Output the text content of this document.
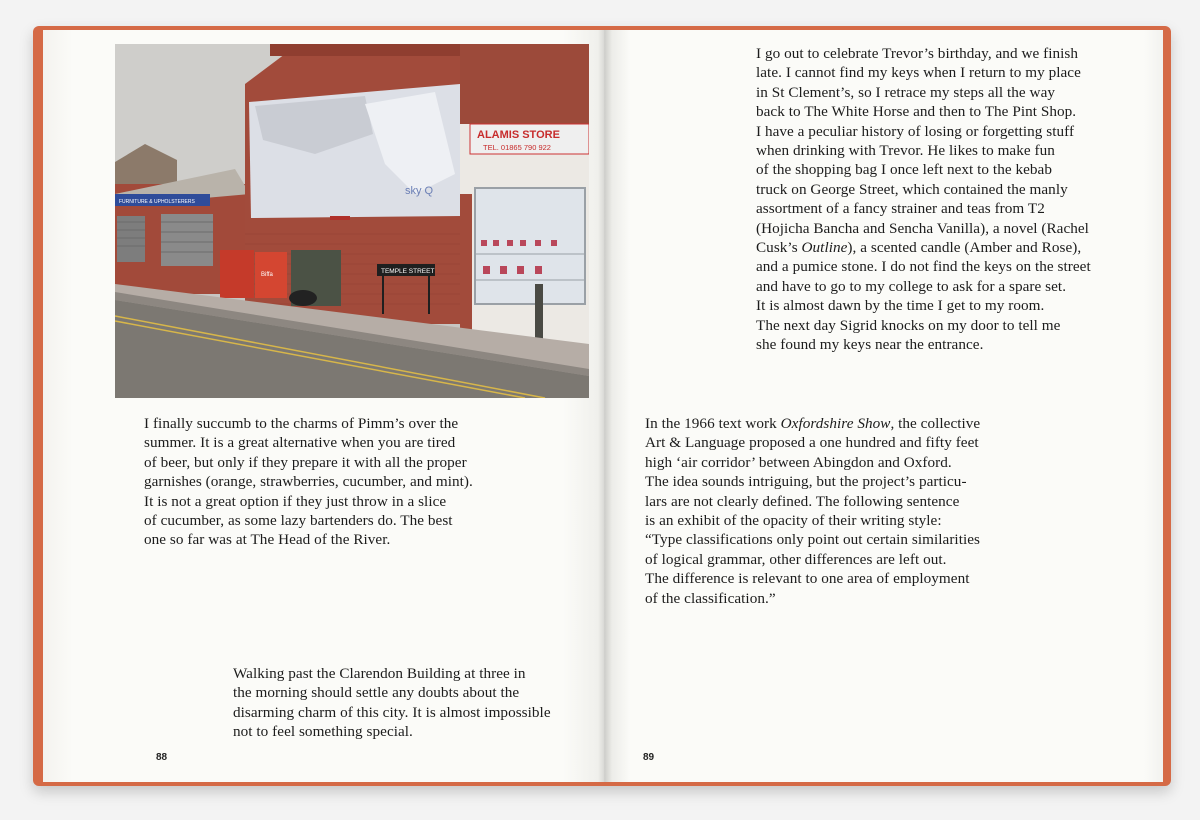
FURNITURE & UPHOLSTERERS
sky Q
ALAMIS STORE
TEL. 01865 790 922
Biffa	TEMPLE STREET
I finally succumb to the charms of Pimm’s over the
summer. It is a great alternative when you are tired
of beer, but only if they prepare it with all the proper
garnishes (orange, strawberries, cucumber, and mint).
It is not a great option if they just throw in a slice
of cucumber, as some lazy bartenders do. The best
one so far was at The Head of the River.
Walking past the Clarendon Building at three in
the morning should settle any doubts about the
disarming charm of this city. It is almost impossible
not to feel something special.
88
I go out to celebrate Trevor’s birthday, and we finish
late. I cannot find my keys when I return to my place
in St Clement’s, so I retrace my steps all the way
back to The White Horse and then to The Pint Shop.
I have a peculiar history of losing or forgetting stuff
when drinking with Trevor. He likes to make fun
of the shopping bag I once left next to the kebab
truck on George Street, which contained the manly
assortment of a fancy strainer and teas from T2
(Hojicha Bancha and Sencha Vanilla), a novel (Rachel
Cusk’s Outline), a scented candle (Amber and Rose),
and a pumice stone. I do not find the keys on the street
and have to go to my college to ask for a spare set.
It is almost dawn by the time I get to my room.
The next day Sigrid knocks on my door to tell me
she found my keys near the entrance.
In the 1966 text work Oxfordshire Show, the collective
Art & Language proposed a one hundred and fifty feet
high ‘air corridor’ between Abingdon and Oxford.
The idea sounds intriguing, but the project’s particu-
lars are not clearly defined. The following sentence
is an exhibit of the opacity of their writing style:
“Type classifications only point out certain similarities
of logical grammar, other differences are left out.
The difference is relevant to one area of employment
of the classification.”
89
